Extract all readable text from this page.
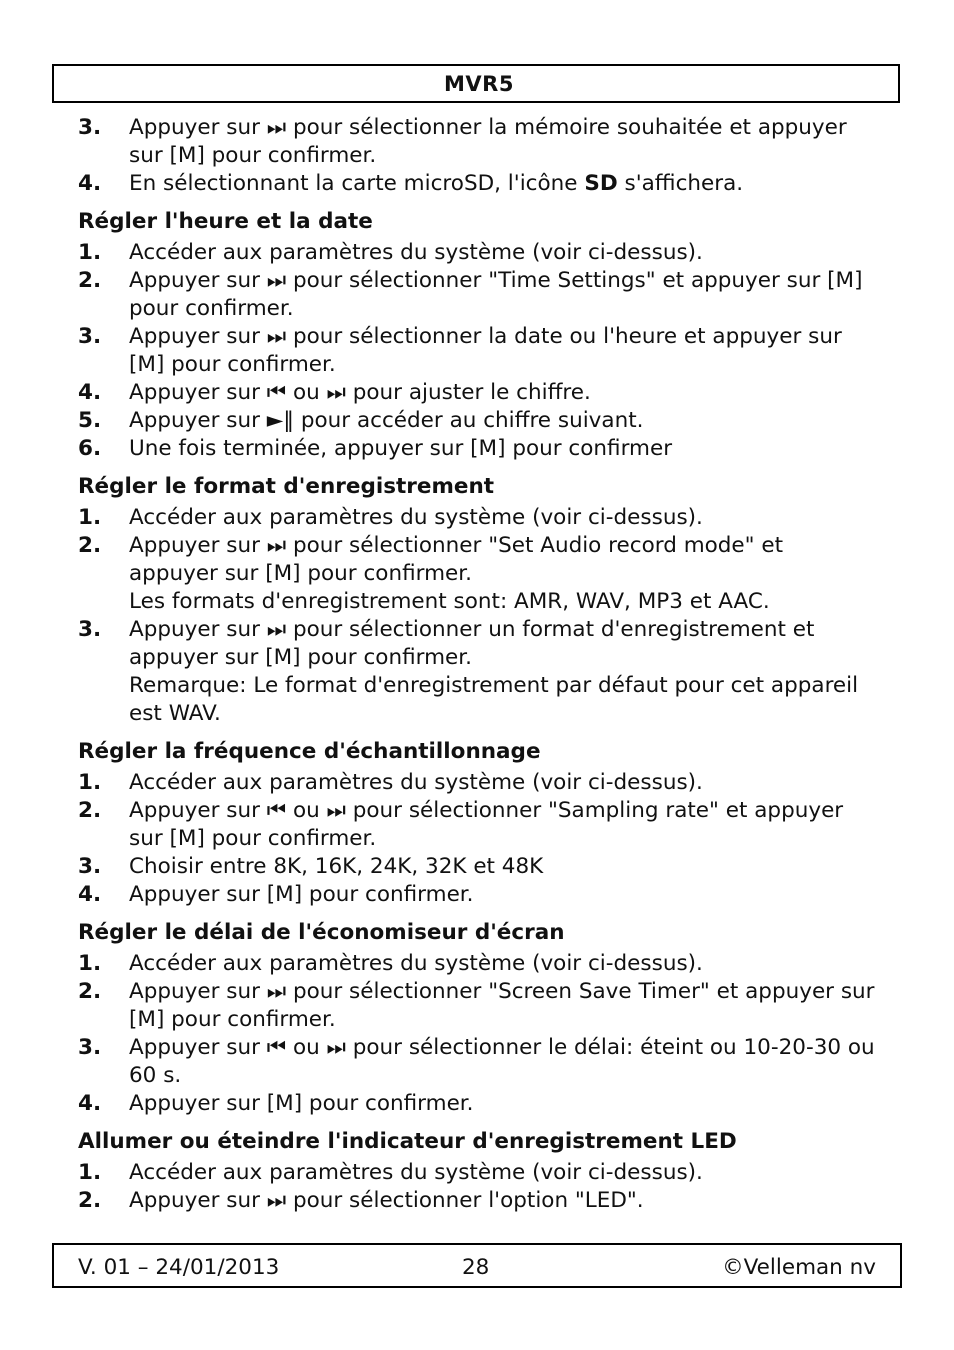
MVR5
3.	Appuyer sur ⏭ pour sélectionner la mémoire souhaitée et appuyer sur [M] pour confirmer.
4.	En sélectionnant la carte microSD, l'icône SD s'affichera.
Régler l'heure et la date
1.	Accéder aux paramètres du système (voir ci-dessus).
2.	Appuyer sur ⏭ pour sélectionner "Time Settings" et appuyer sur [M] pour confirmer.
3.	Appuyer sur ⏭ pour sélectionner la date ou l'heure et appuyer sur [M] pour confirmer.
4.	Appuyer sur ⏮ ou ⏭ pour ajuster le chiffre.
5.	Appuyer sur ►‖ pour accéder au chiffre suivant.
6.	Une fois terminée, appuyer sur [M] pour confirmer
Régler le format d'enregistrement
1.	Accéder aux paramètres du système (voir ci-dessus).
2.	Appuyer sur ⏭ pour sélectionner "Set Audio record mode" et appuyer sur [M] pour confirmer.
Les formats d'enregistrement sont: AMR, WAV, MP3 et AAC.
3.	Appuyer sur ⏭ pour sélectionner un format d'enregistrement et appuyer sur [M] pour confirmer.
Remarque: Le format d'enregistrement par défaut pour cet appareil est WAV.
Régler la fréquence d'échantillonnage
1.	Accéder aux paramètres du système (voir ci-dessus).
2.	Appuyer sur ⏮ ou ⏭ pour sélectionner "Sampling rate" et appuyer sur [M] pour confirmer.
3.	Choisir entre 8K, 16K, 24K, 32K et 48K
4.	Appuyer sur [M] pour confirmer.
Régler le délai de l'économiseur d'écran
1.	Accéder aux paramètres du système (voir ci-dessus).
2.	Appuyer sur ⏭ pour sélectionner "Screen Save Timer" et appuyer sur [M] pour confirmer.
3.	Appuyer sur ⏮ ou ⏭ pour sélectionner le délai: éteint ou 10-20-30 ou 60 s.
4.	Appuyer sur [M] pour confirmer.
Allumer ou éteindre l'indicateur d'enregistrement LED
1.	Accéder aux paramètres du système (voir ci-dessus).
2.	Appuyer sur ⏭ pour sélectionner l'option "LED".
V. 01 – 24/01/2013	28	©Velleman nv
